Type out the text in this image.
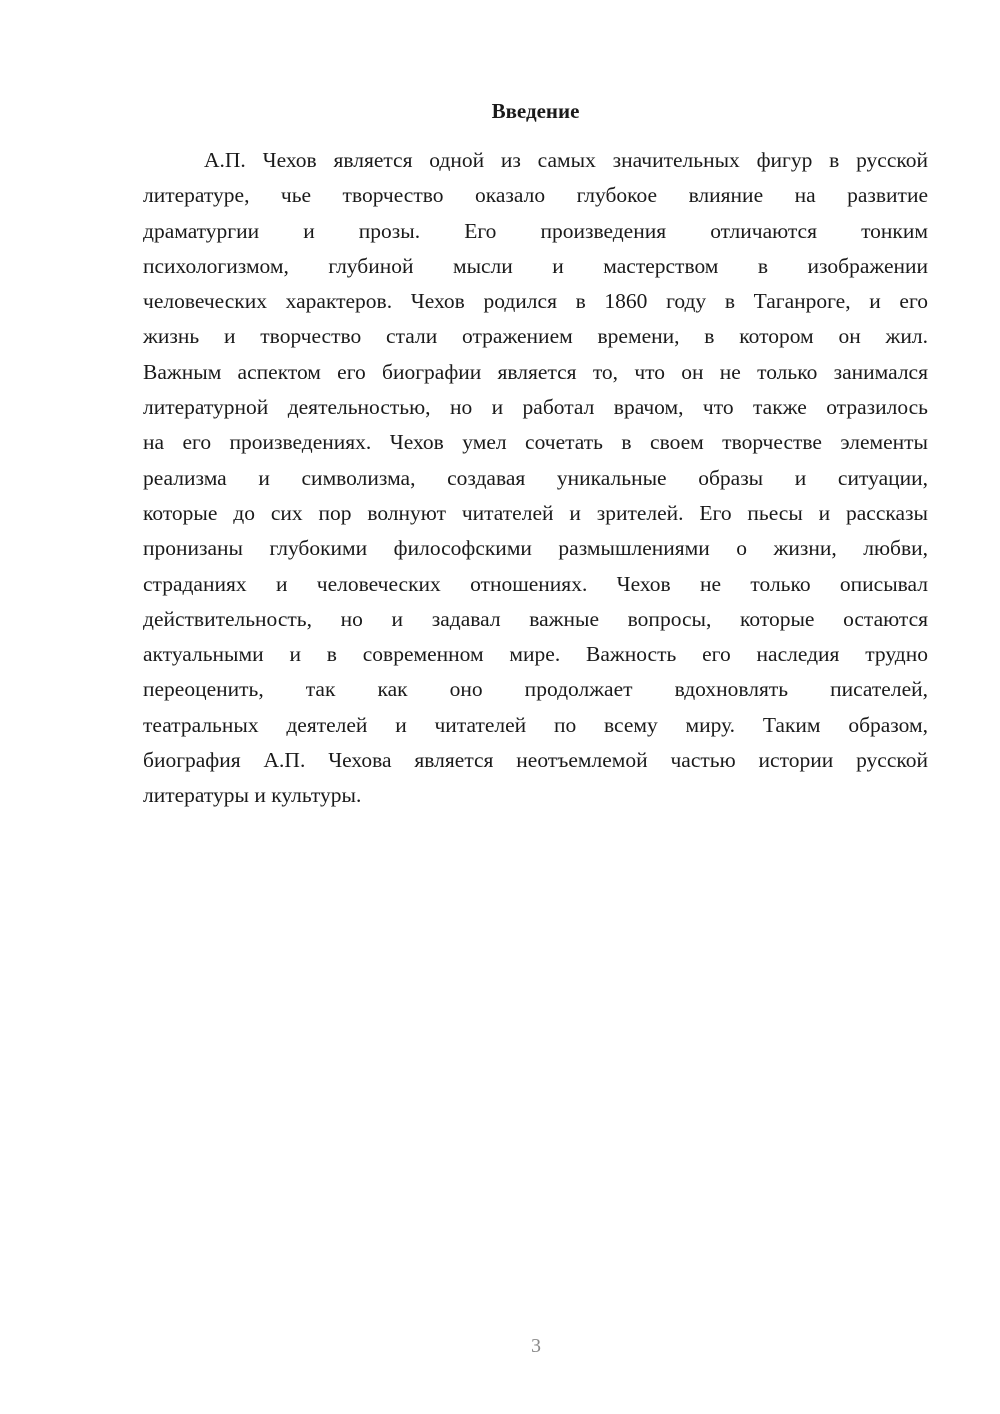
Введение
А.П. Чехов является одной из самых значительных фигур в русской
литературе, чье творчество оказало глубокое влияние на развитие
драматургии и прозы. Его произведения отличаются тонким
психологизмом, глубиной мысли и мастерством в изображении
человеческих характеров. Чехов родился в 1860 году в Таганроге, и его
жизнь и творчество стали отражением времени, в котором он жил.
Важным аспектом его биографии является то, что он не только занимался
литературной деятельностью, но и работал врачом, что также отразилось
на его произведениях. Чехов умел сочетать в своем творчестве элементы
реализма и символизма, создавая уникальные образы и ситуации,
которые до сих пор волнуют читателей и зрителей. Его пьесы и рассказы
пронизаны глубокими философскими размышлениями о жизни, любви,
страданиях и человеческих отношениях. Чехов не только описывал
действительность, но и задавал важные вопросы, которые остаются
актуальными и в современном мире. Важность его наследия трудно
переоценить, так как оно продолжает вдохновлять писателей,
театральных деятелей и читателей по всему миру. Таким образом,
биография А.П. Чехова является неотъемлемой частью истории русской
литературы и культуры.
3
